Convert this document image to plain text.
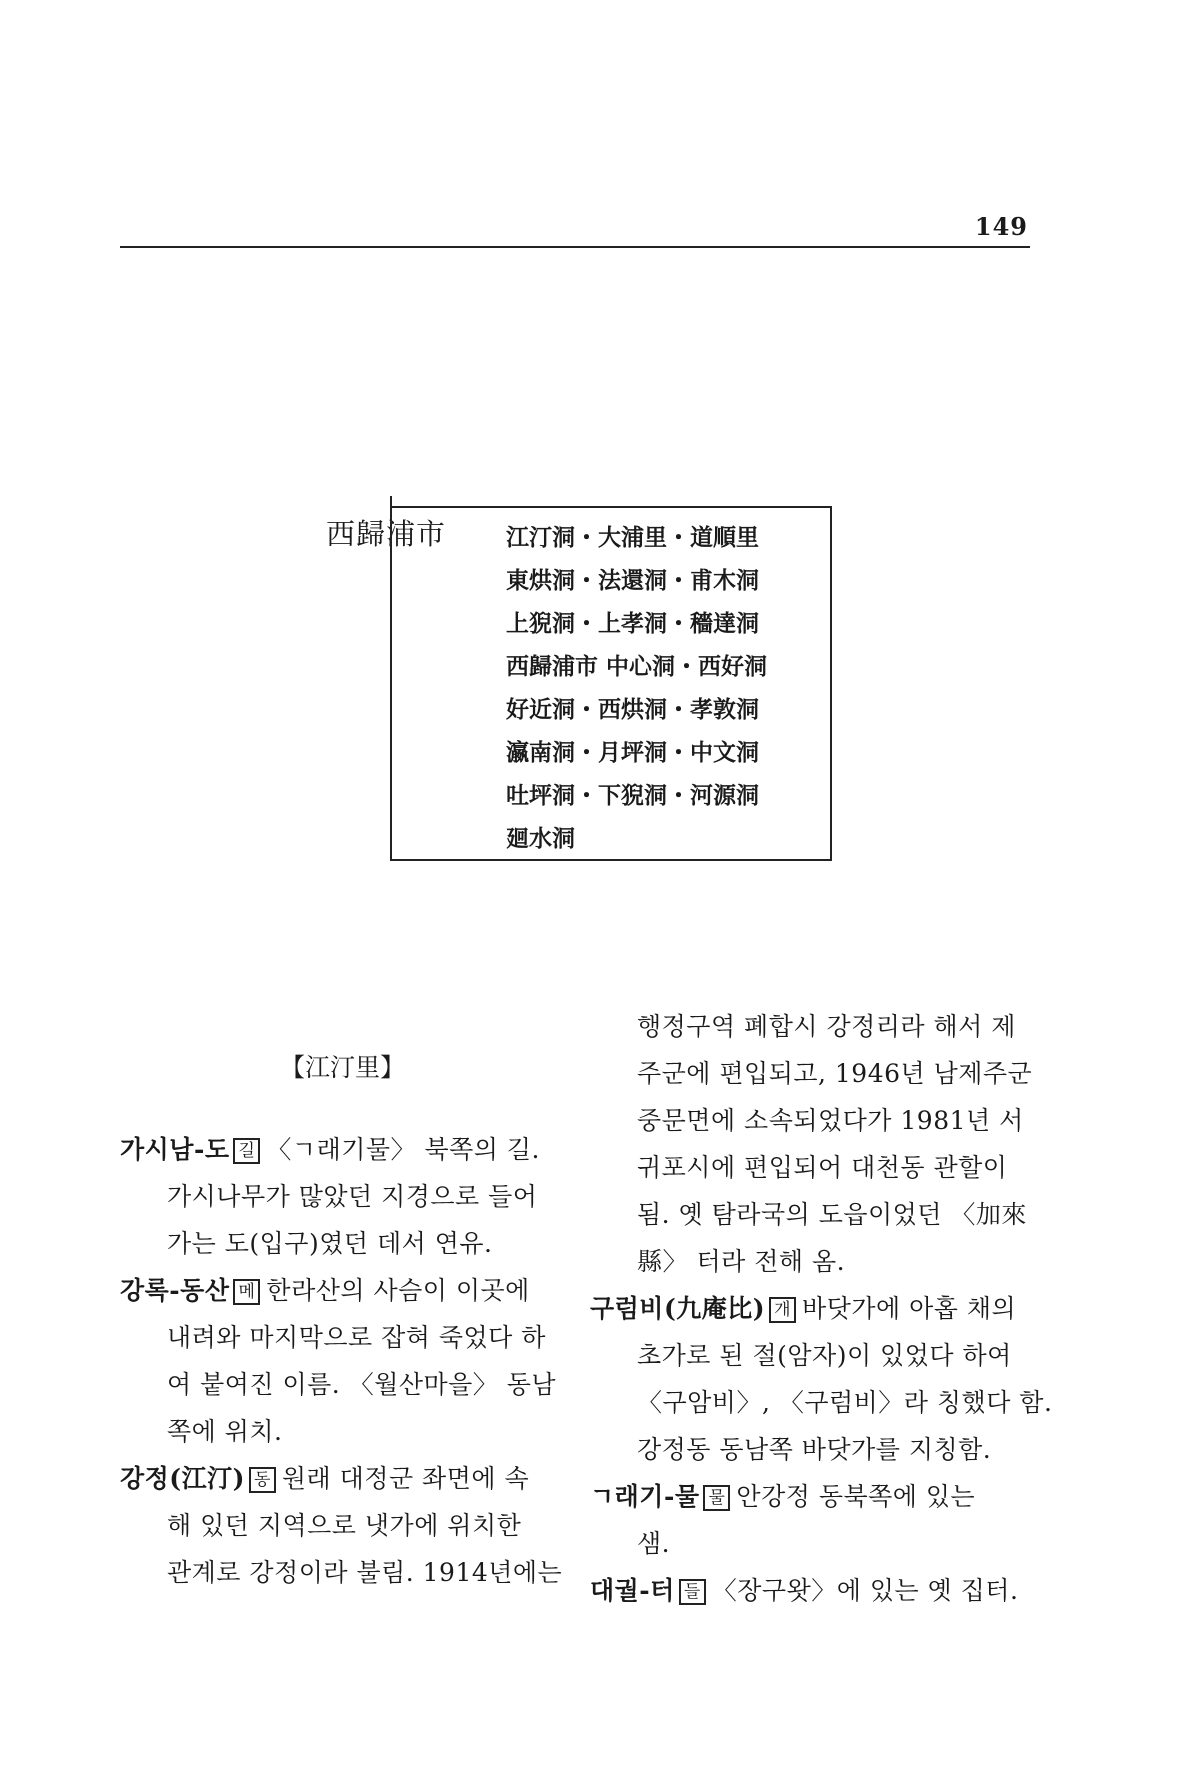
149
西歸浦市	江汀洞・大浦里・道順里
東烘洞・法還洞・甫木洞
上猊洞・上孝洞・穡達洞
西歸浦市 中心洞・西好洞
好近洞・西烘洞・孝敦洞
瀛南洞・月坪洞・中文洞
吐坪洞・下猊洞・河源洞
廻水洞
【江汀里】
가시남-도 길 〈ㄱ래기물〉 북쪽의 길.
가시나무가 많았던 지경으로 들어
가는 도(입구)였던 데서 연유.
강록-동산 메 한라산의 사슴이 이곳에
내려와 마지막으로 잡혀 죽었다 하
여 붙여진 이름. 〈월산마을〉 동남
쪽에 위치.
강정(江汀) 동 원래 대정군 좌면에 속
해 있던 지역으로 냇가에 위치한
관계로 강정이라 불림. 1914년에는
행정구역 폐합시 강정리라 해서 제
주군에 편입되고, 1946년 남제주군
중문면에 소속되었다가 1981년 서
귀포시에 편입되어 대천동 관할이
됨. 옛 탐라국의 도읍이었던 〈加來
縣〉 터라 전해 옴.
구럼비(九庵比) 개 바닷가에 아홉 채의
초가로 된 절(암자)이 있었다 하여
〈구암비〉, 〈구럼비〉라 칭했다 함.
강정동 동남쪽 바닷가를 지칭함.
ㄱ래기-물 물 안강정 동북쪽에 있는
샘.
대궐-터 들 〈장구왓〉에 있는 옛 집터.
